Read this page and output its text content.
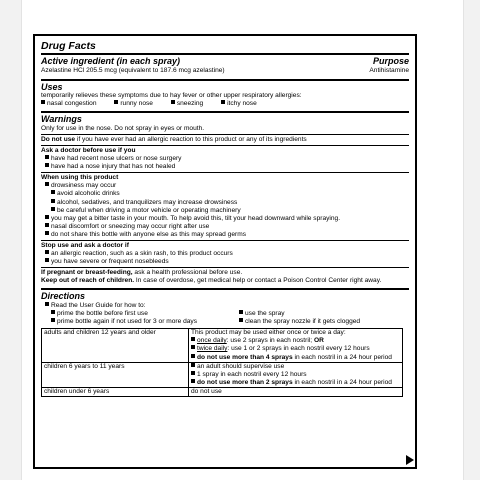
Drug Facts
Active ingredient (in each spray)	Purpose
Azelastine HCl 205.5 mcg (equivalent to 187.6 mcg azelastine)	Antihistamine
Uses
temporarily relieves these symptoms due to hay fever or other upper respiratory allergies:
nasal congestion	runny nose	sneezing	itchy nose
Warnings
Only for use in the nose. Do not spray in eyes or mouth.
Do not use if you have ever had an allergic reaction to this product or any of its ingredients
Ask a doctor before use if you
have had recent nose ulcers or nose surgery
have had a nose injury that has not healed
When using this product
drowsiness may occur
avoid alcoholic drinks
alcohol, sedatives, and tranquilizers may increase drowsiness
be careful when driving a motor vehicle or operating machinery
you may get a bitter taste in your mouth. To help avoid this, tilt your head downward while spraying.
nasal discomfort or sneezing may occur right after use
do not share this bottle with anyone else as this may spread germs
Stop use and ask a doctor if
an allergic reaction, such as a skin rash, to this product occurs
you have severe or frequent nosebleeds
If pregnant or breast-feeding, ask a health professional before use.
Keep out of reach of children. In case of overdose, get medical help or contact a Poison Control Center right away.
Directions
Read the User Guide for how to:
prime the bottle before first use	use the spray
prime bottle again if not used for 3 or more days	clean the spray nozzle if it gets clogged
adults and children 12 years and older	This product may be used either once or twice a day:
once daily: use 2 sprays in each nostril; OR
twice daily: use 1 or 2 sprays in each nostril every 12 hours
do not use more than 4 sprays in each nostril in a 24 hour period

children 6 years to 11 years	an adult should supervise use
1 spray in each nostril every 12 hours
do not use more than 2 sprays in each nostril in a 24 hour period

children under 6 years	do not use
